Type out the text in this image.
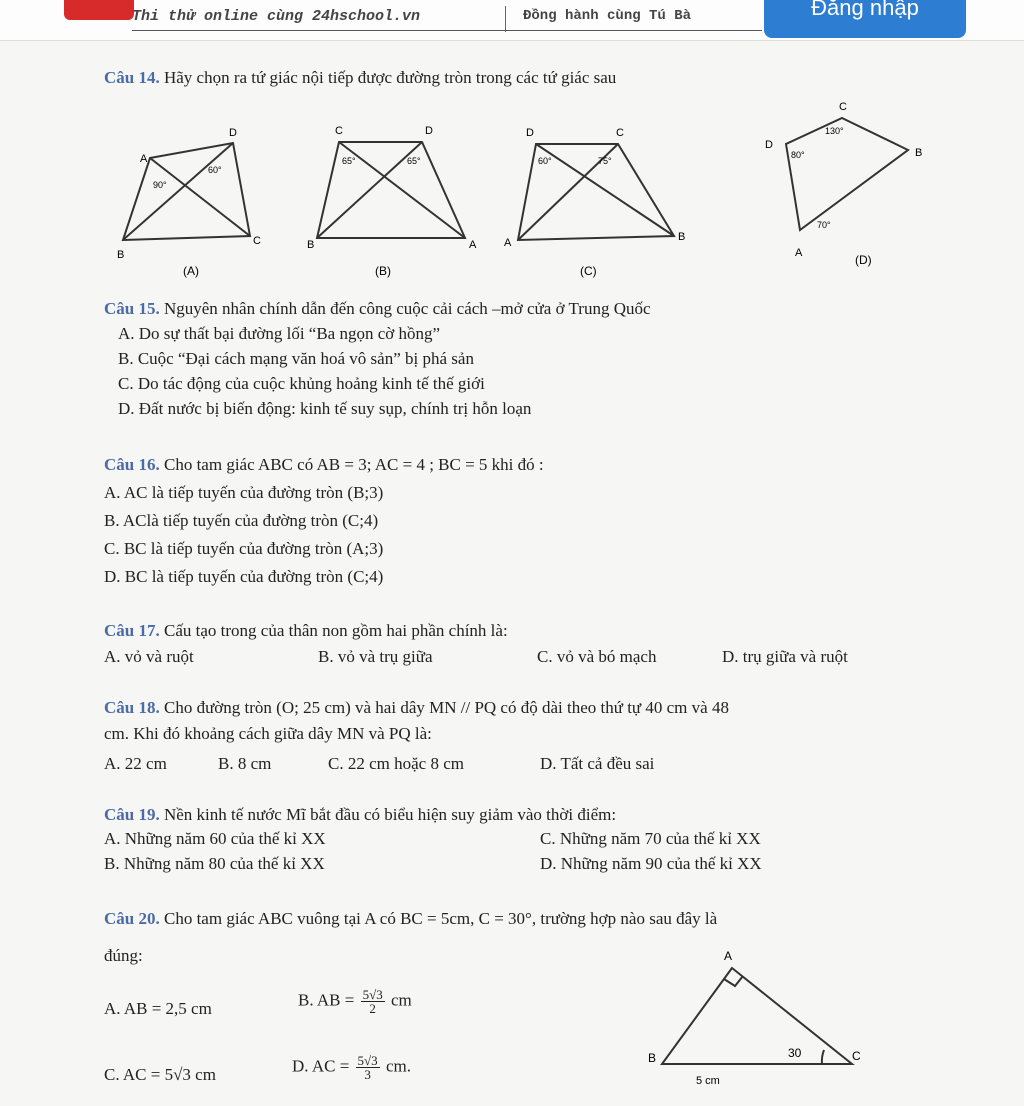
Thi thử online cùng 24hschool.vn	Đồng hành cùng Tú Bà	Đăng nhập
Câu 14. Hãy chọn ra tứ giác nội tiếp được đường tròn trong các tứ giác sau
A
B
C
D
60°
90°
(A)
C	D
B	A
65°	65°
(B)
D	C
A	B
60°	75°
(C)
C
D
B
A
130°
80°
70°
(D)
Câu 15. Nguyên nhân chính dẫn đến công cuộc cải cách –mở cửa ở Trung Quốc
A. Do sự thất bại đường lối “Ba ngọn cờ hồng”
B. Cuộc “Đại cách mạng văn hoá vô sản” bị phá sản
C. Do tác động của cuộc khủng hoảng kinh tế thế giới
D. Đất nước bị biến động: kinh tế suy sụp, chính trị hỗn loạn
Câu 16. Cho tam giác ABC có AB = 3; AC = 4 ; BC = 5 khi đó :
A. AC là tiếp tuyến của đường tròn (B;3)
B. AClà tiếp tuyến của đường tròn (C;4)
C. BC là tiếp tuyến của đường tròn (A;3)
D. BC là tiếp tuyến của đường tròn (C;4)
Câu 17. Cấu tạo trong của thân non gồm hai phần chính là:
A. vỏ và ruột	B. vỏ và trụ giữa	C. vỏ và bó mạch	D. trụ giữa và ruột
Câu 18. Cho đường tròn (O; 25 cm) và hai dây MN // PQ có độ dài theo thứ tự 40 cm và 48
cm. Khi đó khoảng cách giữa dây MN và PQ là:
A. 22 cm	B. 8 cm	C. 22 cm hoặc 8 cm	D. Tất cả đều sai
Câu 19. Nền kinh tế nước Mĩ bắt đầu có biểu hiện suy giảm vào thời điểm:
A. Những năm 60 của thế kỉ XX	C. Những năm 70 của thế kỉ XX
B. Những năm 80 của thế kỉ XX	D. Những năm 90 của thế kỉ XX
Câu 20. Cho tam giác ABC vuông tại A có BC = 5cm, C = 30°, trường hợp nào sau đây là
đúng:
A. AB = 2,5 cm	B. AB = $\frac{5√3}{2}$ cm
C. AC = 5√3 cm	D. AC = $\frac{5√3}{3}$ cm.
A
B	C
30
5 cm
